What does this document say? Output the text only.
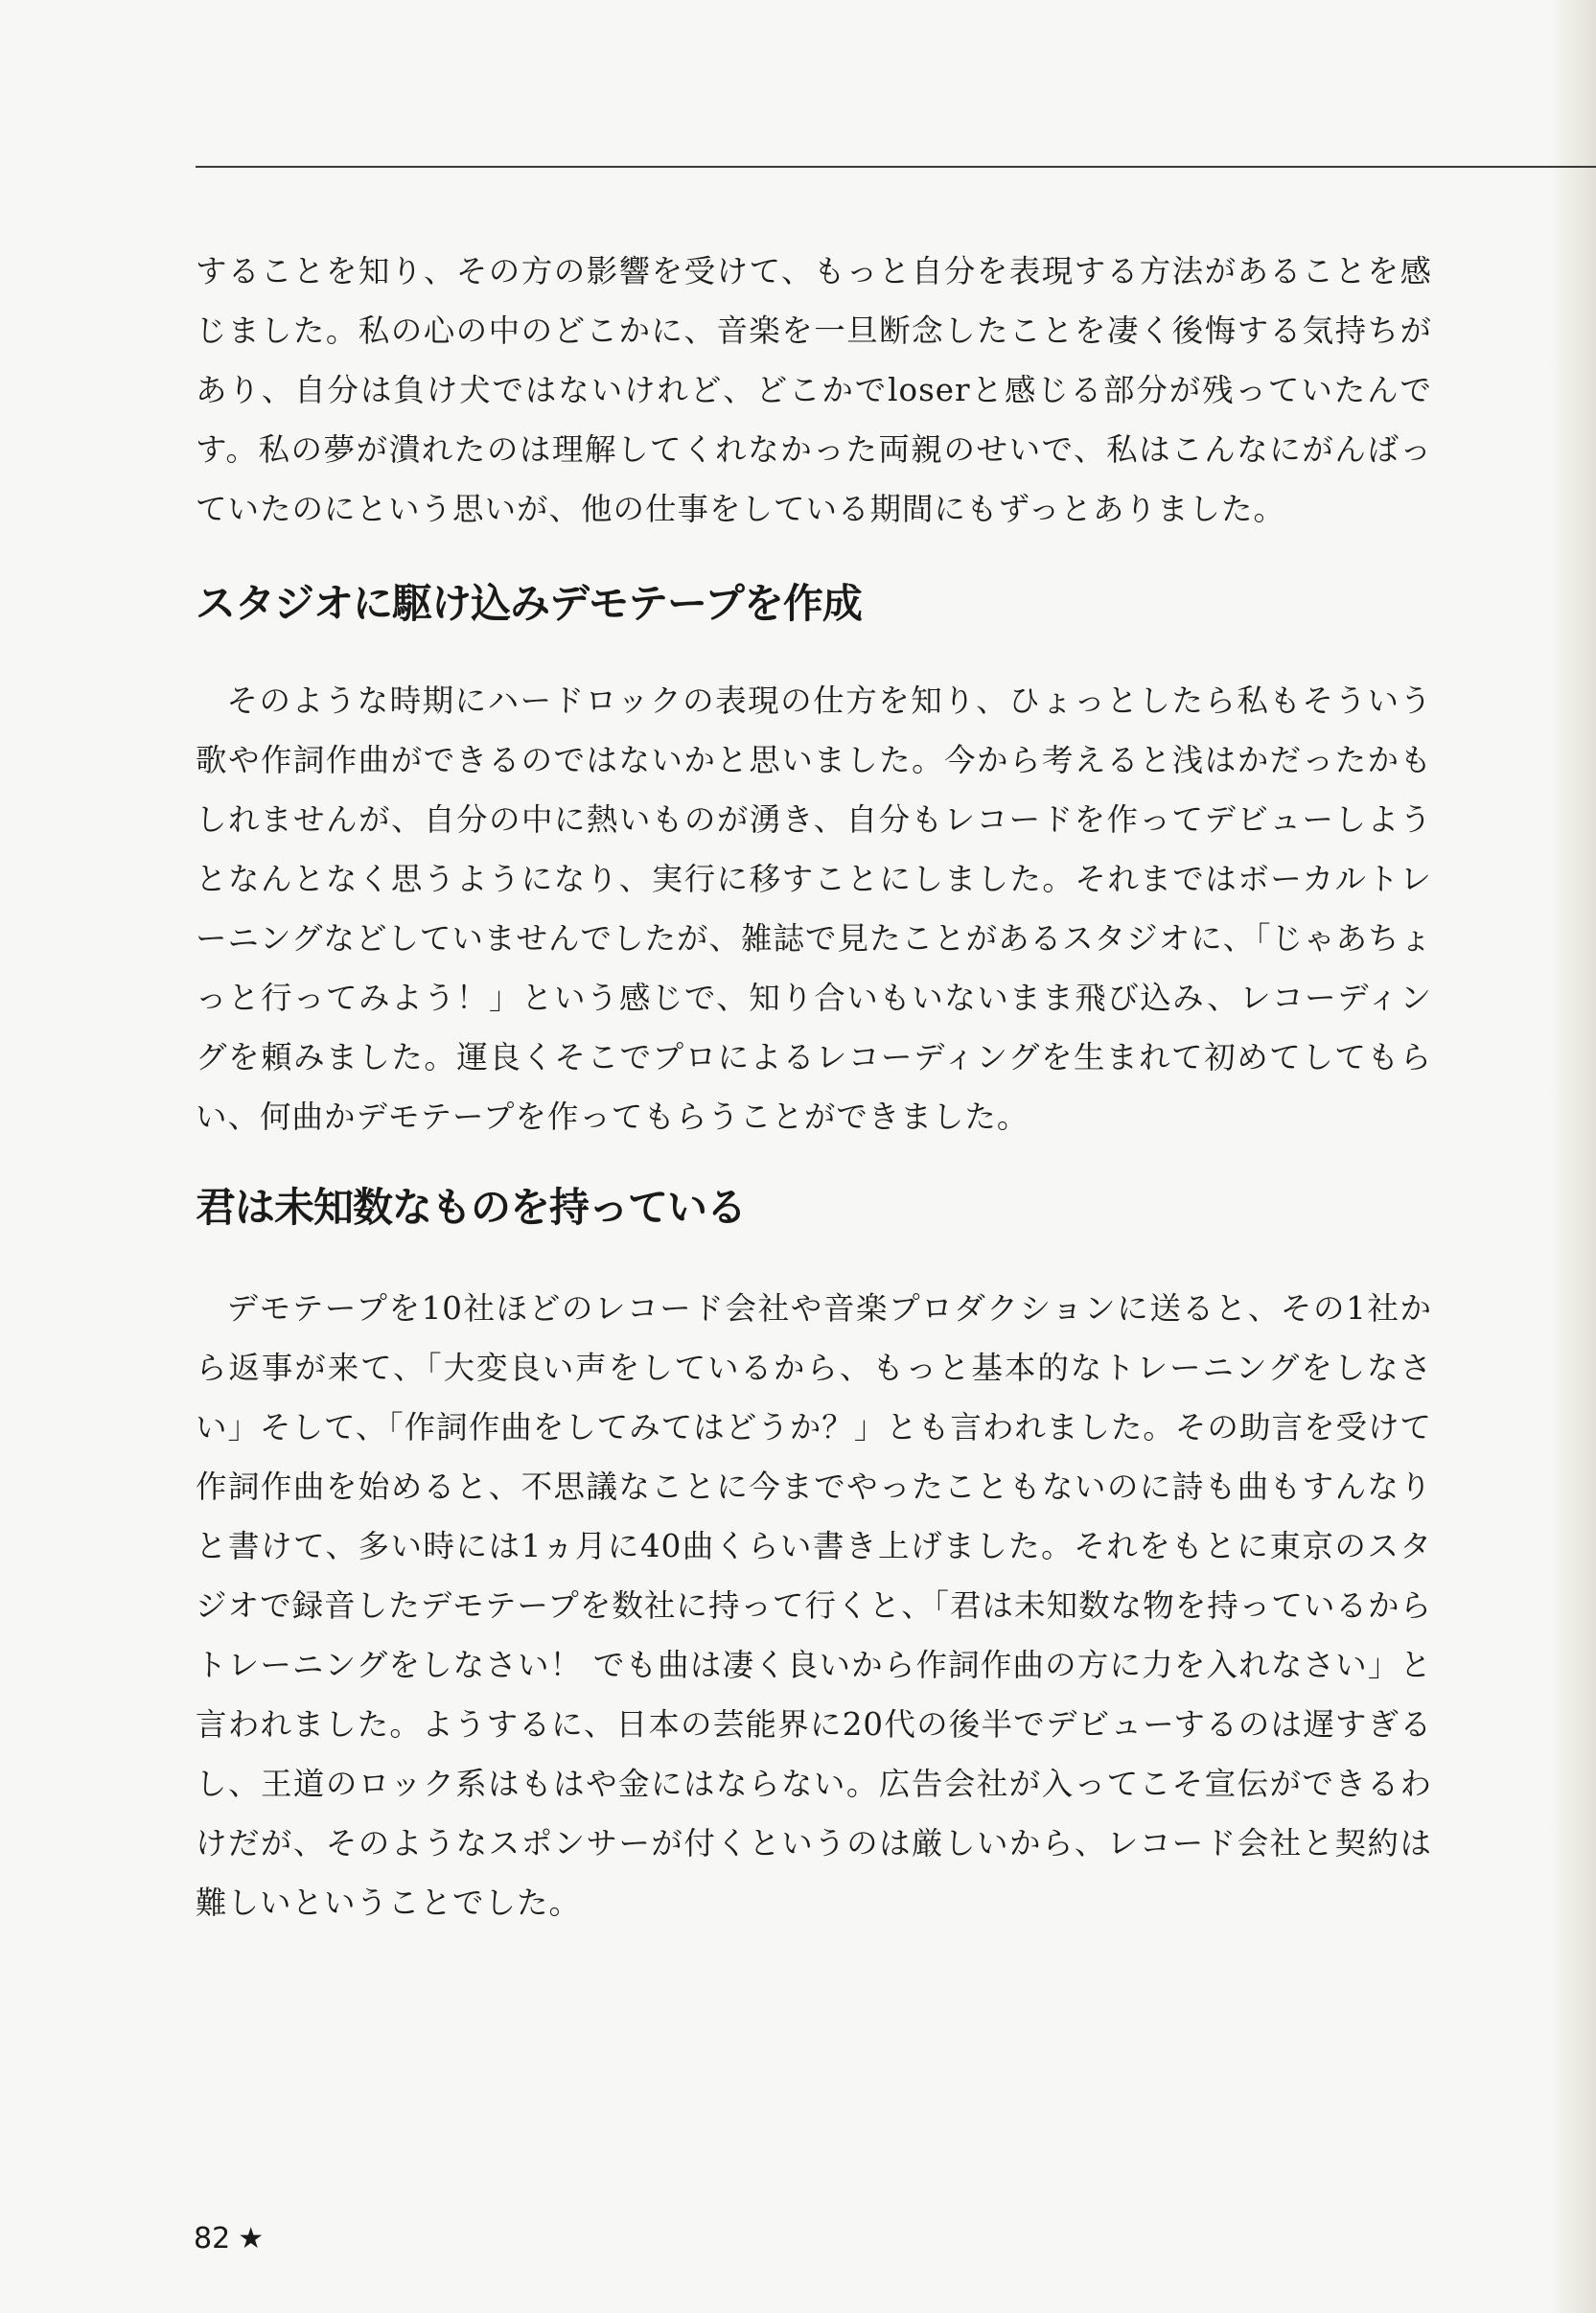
することを知り、その方の影響を受けて、もっと自分を表現する方法があることを感じました。私の心の中のどこかに、音楽を一旦断念したことを凄く後悔する気持ちがあり、自分は負け犬ではないけれど、どこかでloserと感じる部分が残っていたんです。私の夢が潰れたのは理解してくれなかった両親のせいで、私はこんなにがんばっていたのにという思いが、他の仕事をしている期間にもずっとありました。

スタジオに駆け込みデモテープを作成

そのような時期にハードロックの表現の仕方を知り、ひょっとしたら私もそういう歌や作詞作曲ができるのではないかと思いました。今から考えると浅はかだったかもしれませんが、自分の中に熱いものが湧き、自分もレコードを作ってデビューしようとなんとなく思うようになり、実行に移すことにしました。それまではボーカルトレーニングなどしていませんでしたが、雑誌で見たことがあるスタジオに、「じゃあちょっと行ってみよう！」という感じで、知り合いもいないまま飛び込み、レコーディングを頼みました。運良くそこでプロによるレコーディングを生まれて初めてしてもらい、何曲かデモテープを作ってもらうことができました。

君は未知数なものを持っている

デモテープを10社ほどのレコード会社や音楽プロダクションに送ると、その1社から返事が来て、「大変良い声をしているから、もっと基本的なトレーニングをしなさい」そして、「作詞作曲をしてみてはどうか？」とも言われました。その助言を受けて作詞作曲を始めると、不思議なことに今までやったこともないのに詩も曲もすんなりと書けて、多い時には1ヵ月に40曲くらい書き上げました。それをもとに東京のスタジオで録音したデモテープを数社に持って行くと、「君は未知数な物を持っているからトレーニングをしなさい！ でも曲は凄く良いから作詞作曲の方に力を入れなさい」と言われました。ようするに、日本の芸能界に20代の後半でデビューするのは遅すぎるし、王道のロック系はもはや金にはならない。広告会社が入ってこそ宣伝ができるわけだが、そのようなスポンサーが付くというのは厳しいから、レコード会社と契約は難しいということでした。

82 ★
